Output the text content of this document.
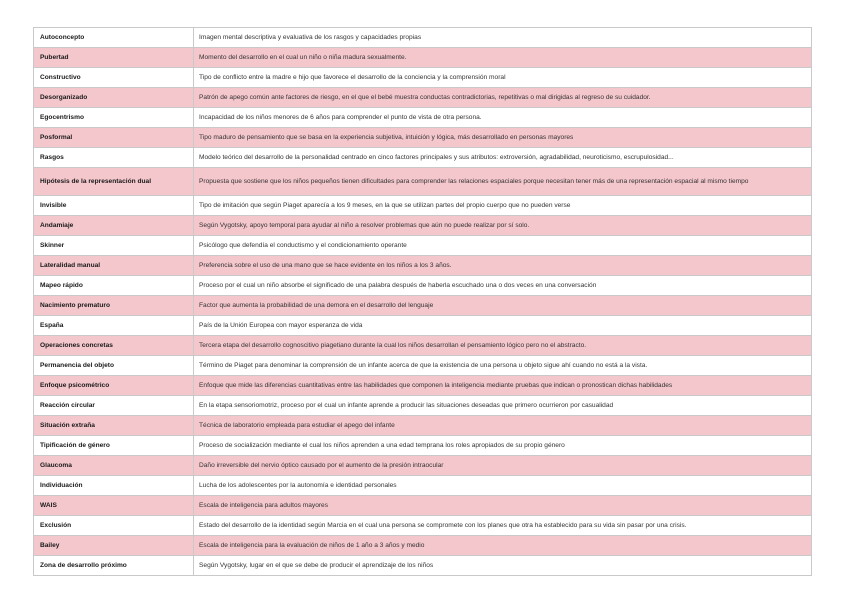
Autoconcepto	Imagen mental descriptiva y evaluativa de los rasgos y capacidades propias
Pubertad	Momento del desarrollo en el cual un niño o niña madura sexualmente.
Constructivo	Tipo de conflicto entre la madre e hijo que favorece el desarrollo de la conciencia y la comprensión moral
Desorganizado	Patrón de apego común ante factores de riesgo, en el que el bebé muestra conductas contradictorias, repetitivas o mal dirigidas al regreso de su cuidador.
Egocentrismo	Incapacidad de los niños menores de 6 años para comprender el punto de vista de otra persona.
Posformal	Tipo maduro de pensamiento que se basa en la experiencia subjetiva, intuición y lógica, más desarrollado en personas mayores
Rasgos	Modelo teórico del desarrollo de la personalidad centrado en cinco factores principales y sus atributos: extroversión, agradabilidad, neuroticismo, escrupulosidad...
Hipótesis de la representación dual	Propuesta que sostiene que los niños pequeños tienen dificultades para comprender las relaciones espaciales porque necesitan tener más de una representación espacial al mismo tiempo
Invisible	Tipo de imitación que según Piaget aparecía a los 9 meses, en la que se utilizan partes del propio cuerpo que no pueden verse
Andamiaje	Según Vygotsky, apoyo temporal para ayudar al niño a resolver problemas que aún no puede realizar por sí solo.
Skinner	Psicólogo que defendía el conductismo y el condicionamiento operante
Lateralidad manual	Preferencia sobre el uso de una mano que se hace evidente en los niños a los 3 años.
Mapeo rápido	Proceso por el cual un niño absorbe el significado de una palabra después de haberla escuchado una o dos veces en una conversación
Nacimiento prematuro	Factor que aumenta la probabilidad de una demora en el desarrollo del lenguaje
España	País de la Unión Europea con mayor esperanza de vida
Operaciones concretas	Tercera etapa del desarrollo cognoscitivo piagetiano durante la cual los niños desarrollan el pensamiento lógico pero no el abstracto.
Permanencia del objeto	Término de Piaget para denominar la comprensión de un infante acerca de que la existencia de una persona u objeto sigue ahí cuando no está a la vista.
Enfoque psicométrico	Enfoque que mide las diferencias cuantitativas entre las habilidades que componen la inteligencia mediante pruebas que indican o pronostican dichas habilidades
Reacción circular	En la etapa sensoriomotriz, proceso por el cual un infante aprende a producir las situaciones deseadas que primero ocurrieron por casualidad
Situación extraña	Técnica de laboratorio empleada para estudiar el apego del infante
Tipificación de género	Proceso de socialización mediante el cual los niños aprenden a una edad temprana los roles apropiados de su propio género
Glaucoma	Daño irreversible del nervio óptico causado por el aumento de la presión intraocular
Individuación	Lucha de los adolescentes por la autonomía e identidad personales
WAIS	Escala de inteligencia para adultos mayores
Exclusión	Estado del desarrollo de la identidad según Marcia en el cual una persona se compromete con los planes que otra ha establecido para su vida sin pasar por una crisis.
Bailey	Escala de inteligencia para la evaluación de niños de 1 año a 3 años y medio
Zona de desarrollo próximo	Según Vygotsky, lugar en el que se debe de producir el aprendizaje de los niños
